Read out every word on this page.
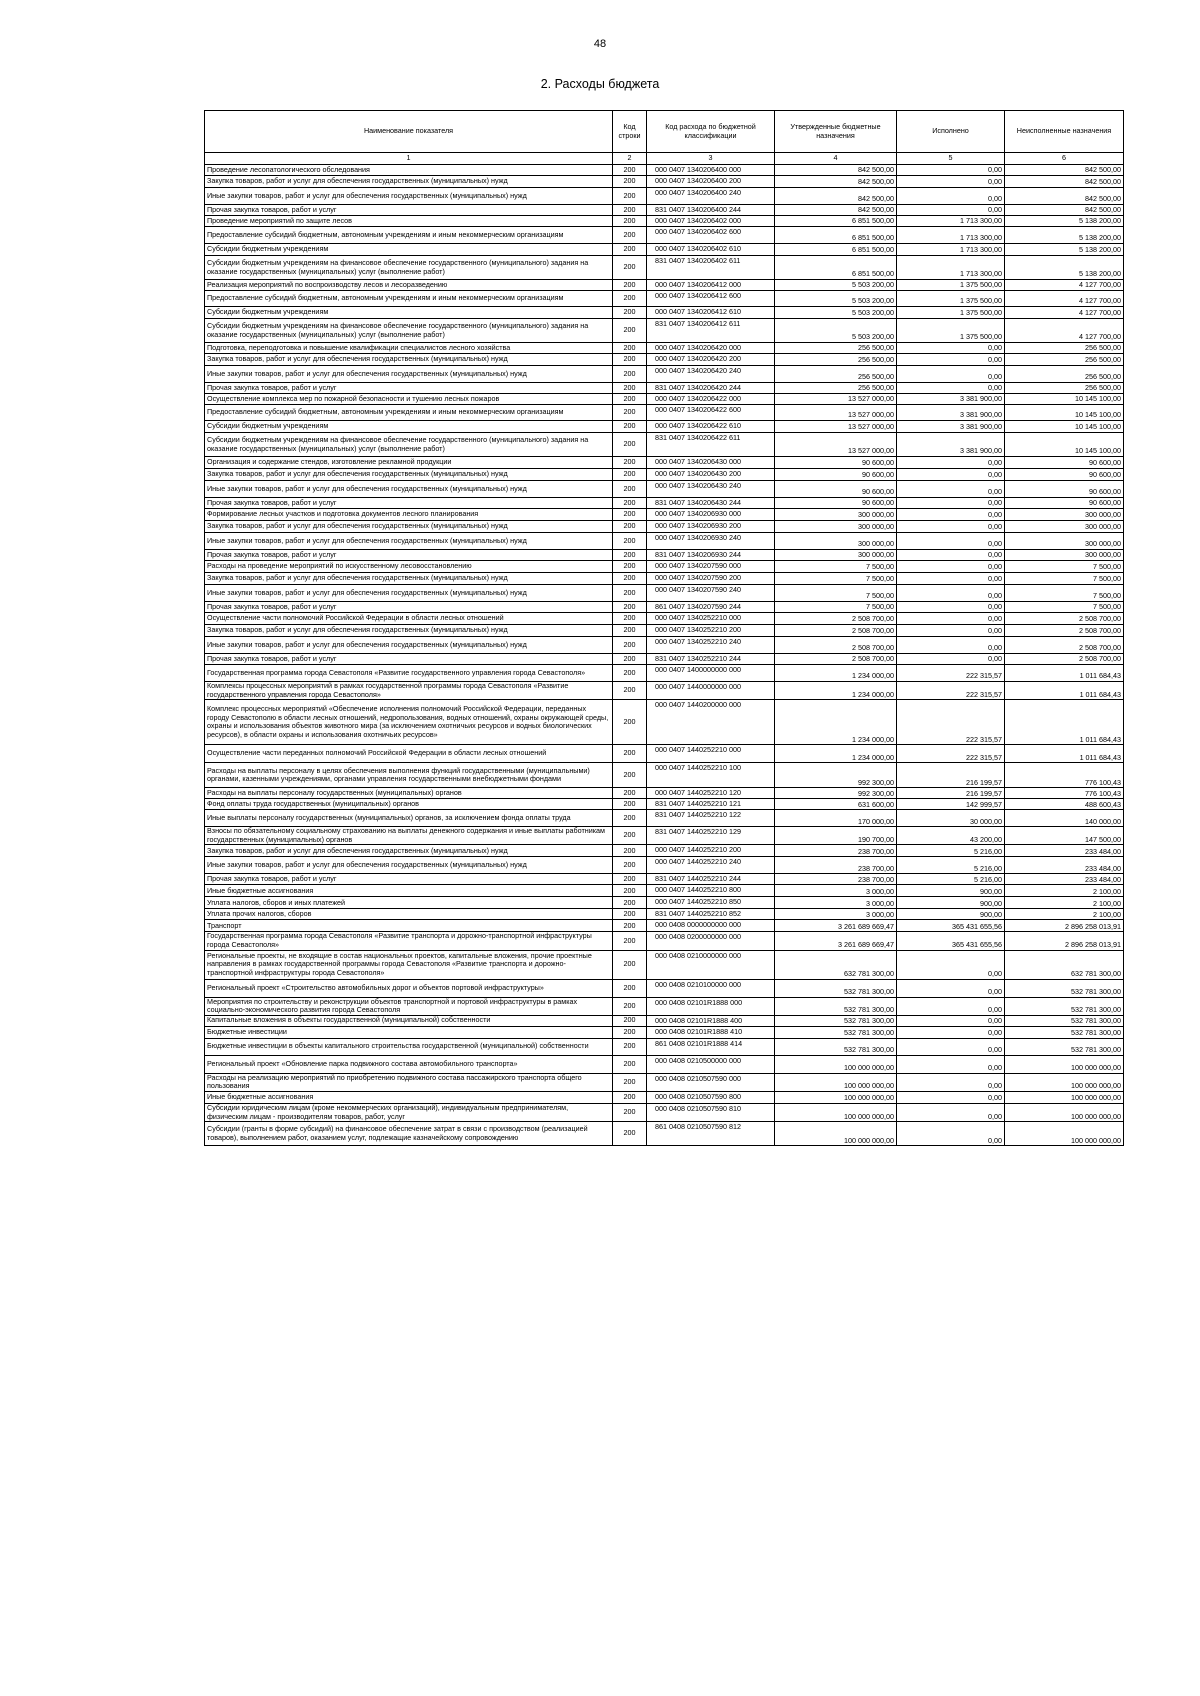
48
2. Расходы бюджета
Наименование показателя	Код строки	Код расхода по бюджетной классификации	Утвержденные бюджетные назначения	Исполнено	Неисполненные назначения
1	2	3	4	5	6
Проведение лесопатологического обследования	200	000 0407 1340206400 000	842 500,00	0,00	842 500,00
Закупка товаров, работ и услуг для обеспечения государственных (муниципальных) нужд	200	000 0407 1340206400 200	842 500,00	0,00	842 500,00
Иные закупки товаров, работ и услуг для обеспечения государственных (муниципальных) нужд	200	000 0407 1340206400 240	842 500,00	0,00	842 500,00
Прочая закупка товаров, работ и услуг	200	831 0407 1340206400 244	842 500,00	0,00	842 500,00
Проведение мероприятий по защите лесов	200	000 0407 1340206402 000	6 851 500,00	1 713 300,00	5 138 200,00
Предоставление субсидий бюджетным, автономным учреждениям и иным некоммерческим организациям	200	000 0407 1340206402 600	6 851 500,00	1 713 300,00	5 138 200,00
Субсидии бюджетным учреждениям	200	000 0407 1340206402 610	6 851 500,00	1 713 300,00	5 138 200,00
Субсидии бюджетным учреждениям на финансовое обеспечение государственного (муниципального) задания на оказание государственных (муниципальных) услуг (выполнение работ)	200	831 0407 1340206402 611	6 851 500,00	1 713 300,00	5 138 200,00
Реализация мероприятий по воспроизводству лесов и лесоразведению	200	000 0407 1340206412 000	5 503 200,00	1 375 500,00	4 127 700,00
Предоставление субсидий бюджетным, автономным учреждениям и иным некоммерческим организациям	200	000 0407 1340206412 600	5 503 200,00	1 375 500,00	4 127 700,00
Субсидии бюджетным учреждениям	200	000 0407 1340206412 610	5 503 200,00	1 375 500,00	4 127 700,00
Субсидии бюджетным учреждениям на финансовое обеспечение государственного (муниципального) задания на оказание государственных (муниципальных) услуг (выполнение работ)	200	831 0407 1340206412 611	5 503 200,00	1 375 500,00	4 127 700,00
Подготовка, переподготовка и повышение квалификации специалистов лесного хозяйства	200	000 0407 1340206420 000	256 500,00	0,00	256 500,00
Закупка товаров, работ и услуг для обеспечения государственных (муниципальных) нужд	200	000 0407 1340206420 200	256 500,00	0,00	256 500,00
Иные закупки товаров, работ и услуг для обеспечения государственных (муниципальных) нужд	200	000 0407 1340206420 240	256 500,00	0,00	256 500,00
Прочая закупка товаров, работ и услуг	200	831 0407 1340206420 244	256 500,00	0,00	256 500,00
Осуществление комплекса мер по пожарной безопасности и тушению лесных пожаров	200	000 0407 1340206422 000	13 527 000,00	3 381 900,00	10 145 100,00
Предоставление субсидий бюджетным, автономным учреждениям и иным некоммерческим организациям	200	000 0407 1340206422 600	13 527 000,00	3 381 900,00	10 145 100,00
Субсидии бюджетным учреждениям	200	000 0407 1340206422 610	13 527 000,00	3 381 900,00	10 145 100,00
Субсидии бюджетным учреждениям на финансовое обеспечение государственного (муниципального) задания на оказание государственных (муниципальных) услуг (выполнение работ)	200	831 0407 1340206422 611	13 527 000,00	3 381 900,00	10 145 100,00
Организация и содержание стендов, изготовление рекламной продукции	200	000 0407 1340206430 000	90 600,00	0,00	90 600,00
Закупка товаров, работ и услуг для обеспечения государственных (муниципальных) нужд	200	000 0407 1340206430 200	90 600,00	0,00	90 600,00
Иные закупки товаров, работ и услуг для обеспечения государственных (муниципальных) нужд	200	000 0407 1340206430 240	90 600,00	0,00	90 600,00
Прочая закупка товаров, работ и услуг	200	831 0407 1340206430 244	90 600,00	0,00	90 600,00
Формирование лесных участков и подготовка документов лесного планирования	200	000 0407 1340206930 000	300 000,00	0,00	300 000,00
Закупка товаров, работ и услуг для обеспечения государственных (муниципальных) нужд	200	000 0407 1340206930 200	300 000,00	0,00	300 000,00
Иные закупки товаров, работ и услуг для обеспечения государственных (муниципальных) нужд	200	000 0407 1340206930 240	300 000,00	0,00	300 000,00
Прочая закупка товаров, работ и услуг	200	831 0407 1340206930 244	300 000,00	0,00	300 000,00
Расходы на проведение мероприятий по искусственному лесовосстановлению	200	000 0407 1340207590 000	7 500,00	0,00	7 500,00
Закупка товаров, работ и услуг для обеспечения государственных (муниципальных) нужд	200	000 0407 1340207590 200	7 500,00	0,00	7 500,00
Иные закупки товаров, работ и услуг для обеспечения государственных (муниципальных) нужд	200	000 0407 1340207590 240	7 500,00	0,00	7 500,00
Прочая закупка товаров, работ и услуг	200	861 0407 1340207590 244	7 500,00	0,00	7 500,00
Осуществление части полномочий Российской Федерации в области лесных отношений	200	000 0407 1340252210 000	2 508 700,00	0,00	2 508 700,00
Закупка товаров, работ и услуг для обеспечения государственных (муниципальных) нужд	200	000 0407 1340252210 200	2 508 700,00	0,00	2 508 700,00
Иные закупки товаров, работ и услуг для обеспечения государственных (муниципальных) нужд	200	000 0407 1340252210 240	2 508 700,00	0,00	2 508 700,00
Прочая закупка товаров, работ и услуг	200	831 0407 1340252210 244	2 508 700,00	0,00	2 508 700,00
Государственная программа города Севастополя «Развитие государственного управления города Севастополя»	200	000 0407 1400000000 000	1 234 000,00	222 315,57	1 011 684,43
Комплексы процессных мероприятий в рамках государственной программы города Севастополя «Развитие государственного управления города Севастополя»	200	000 0407 1440000000 000	1 234 000,00	222 315,57	1 011 684,43
Комплекс процессных мероприятий «Обеспечение исполнения полномочий Российской Федерации, переданных городу Севастополю в области лесных отношений, недропользования, водных отношений, охраны окружающей среды, охраны и использования объектов животного мира (за исключением охотничьих ресурсов и водных биологических ресурсов), в области охраны и использования охотничьих ресурсов»	200	000 0407 1440200000 000	1 234 000,00	222 315,57	1 011 684,43
Осуществление части переданных полномочий Российской Федерации в области лесных отношений	200	000 0407 1440252210 000	1 234 000,00	222 315,57	1 011 684,43
Расходы на выплаты персоналу в целях обеспечения выполнения функций государственными (муниципальными) органами, казенными учреждениями, органами управления государственными внебюджетными фондами	200	000 0407 1440252210 100	992 300,00	216 199,57	776 100,43
Расходы на выплаты персоналу государственных (муниципальных) органов	200	000 0407 1440252210 120	992 300,00	216 199,57	776 100,43
Фонд оплаты труда государственных (муниципальных) органов	200	831 0407 1440252210 121	631 600,00	142 999,57	488 600,43
Иные выплаты персоналу государственных (муниципальных) органов, за исключением фонда оплаты труда	200	831 0407 1440252210 122	170 000,00	30 000,00	140 000,00
Взносы по обязательному социальному страхованию на выплаты денежного содержания и иные выплаты работникам государственных (муниципальных) органов	200	831 0407 1440252210 129	190 700,00	43 200,00	147 500,00
Закупка товаров, работ и услуг для обеспечения государственных (муниципальных) нужд	200	000 0407 1440252210 200	238 700,00	5 216,00	233 484,00
Иные закупки товаров, работ и услуг для обеспечения государственных (муниципальных) нужд	200	000 0407 1440252210 240	238 700,00	5 216,00	233 484,00
Прочая закупка товаров, работ и услуг	200	831 0407 1440252210 244	238 700,00	5 216,00	233 484,00
Иные бюджетные ассигнования	200	000 0407 1440252210 800	3 000,00	900,00	2 100,00
Уплата налогов, сборов и иных платежей	200	000 0407 1440252210 850	3 000,00	900,00	2 100,00
Уплата прочих налогов, сборов	200	831 0407 1440252210 852	3 000,00	900,00	2 100,00
Транспорт	200	000 0408 0000000000 000	3 261 689 669,47	365 431 655,56	2 896 258 013,91
Государственная программа города Севастополя «Развитие транспорта и дорожно-транспортной инфраструктуры города Севастополя»	200	000 0408 0200000000 000	3 261 689 669,47	365 431 655,56	2 896 258 013,91
Региональные проекты, не входящие в состав национальных проектов, капитальные вложения, прочие проектные направления в рамках государственной программы города Севастополя «Развитие транспорта и дорожно-транспортной инфраструктуры города Севастополя»	200	000 0408 0210000000 000	632 781 300,00	0,00	632 781 300,00
Региональный проект «Строительство автомобильных дорог и объектов портовой инфраструктуры»	200	000 0408 0210100000 000	532 781 300,00	0,00	532 781 300,00
Мероприятия по строительству и реконструкции объектов транспортной и портовой инфраструктуры в рамках социально-экономического развития города Севастополя	200	000 0408 02101R1888 000	532 781 300,00	0,00	532 781 300,00
Капитальные вложения в объекты государственной (муниципальной) собственности	200	000 0408 02101R1888 400	532 781 300,00	0,00	532 781 300,00
Бюджетные инвестиции	200	000 0408 02101R1888 410	532 781 300,00	0,00	532 781 300,00
Бюджетные инвестиции в объекты капитального строительства государственной (муниципальной) собственности	200	861 0408 02101R1888 414	532 781 300,00	0,00	532 781 300,00
Региональный проект «Обновление парка подвижного состава автомобильного транспорта»	200	000 0408 0210500000 000	100 000 000,00	0,00	100 000 000,00
Расходы на реализацию мероприятий по приобретению подвижного состава пассажирского транспорта общего пользования	200	000 0408 0210507590 000	100 000 000,00	0,00	100 000 000,00
Иные бюджетные ассигнования	200	000 0408 0210507590 800	100 000 000,00	0,00	100 000 000,00
Субсидии юридическим лицам (кроме некоммерческих организаций), индивидуальным предпринимателям, физическим лицам - производителям товаров, работ, услуг	200	000 0408 0210507590 810	100 000 000,00	0,00	100 000 000,00
Субсидии (гранты в форме субсидий) на финансовое обеспечение затрат в связи с производством (реализацией товаров), выполнением работ, оказанием услуг, подлежащие казначейскому сопровождению	200	861 0408 0210507590 812	100 000 000,00	0,00	100 000 000,00
